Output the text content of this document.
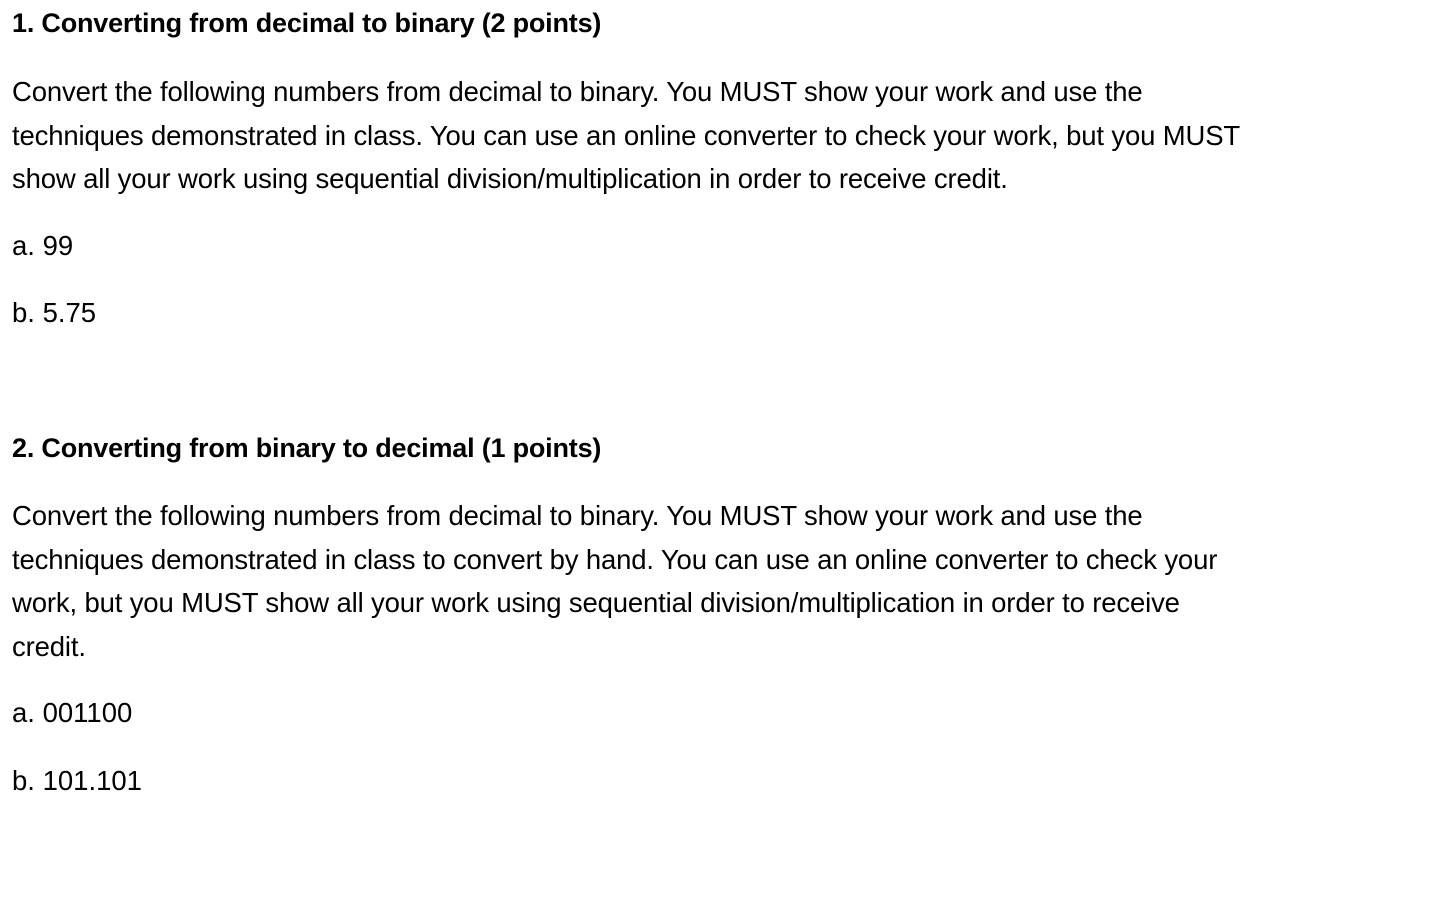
1. Converting from decimal to binary (2 points)
Convert the following numbers from decimal to binary. You MUST show your work and use the
techniques demonstrated in class. You can use an online converter to check your work, but you MUST
show all your work using sequential division/multiplication in order to receive credit.
a. 99
b. 5.75
2. Converting from binary to decimal (1 points)
Convert the following numbers from decimal to binary. You MUST show your work and use the
techniques demonstrated in class to convert by hand. You can use an online converter to check your
work, but you MUST show all your work using sequential division/multiplication in order to receive
credit.
a. 001100
b. 101.101
